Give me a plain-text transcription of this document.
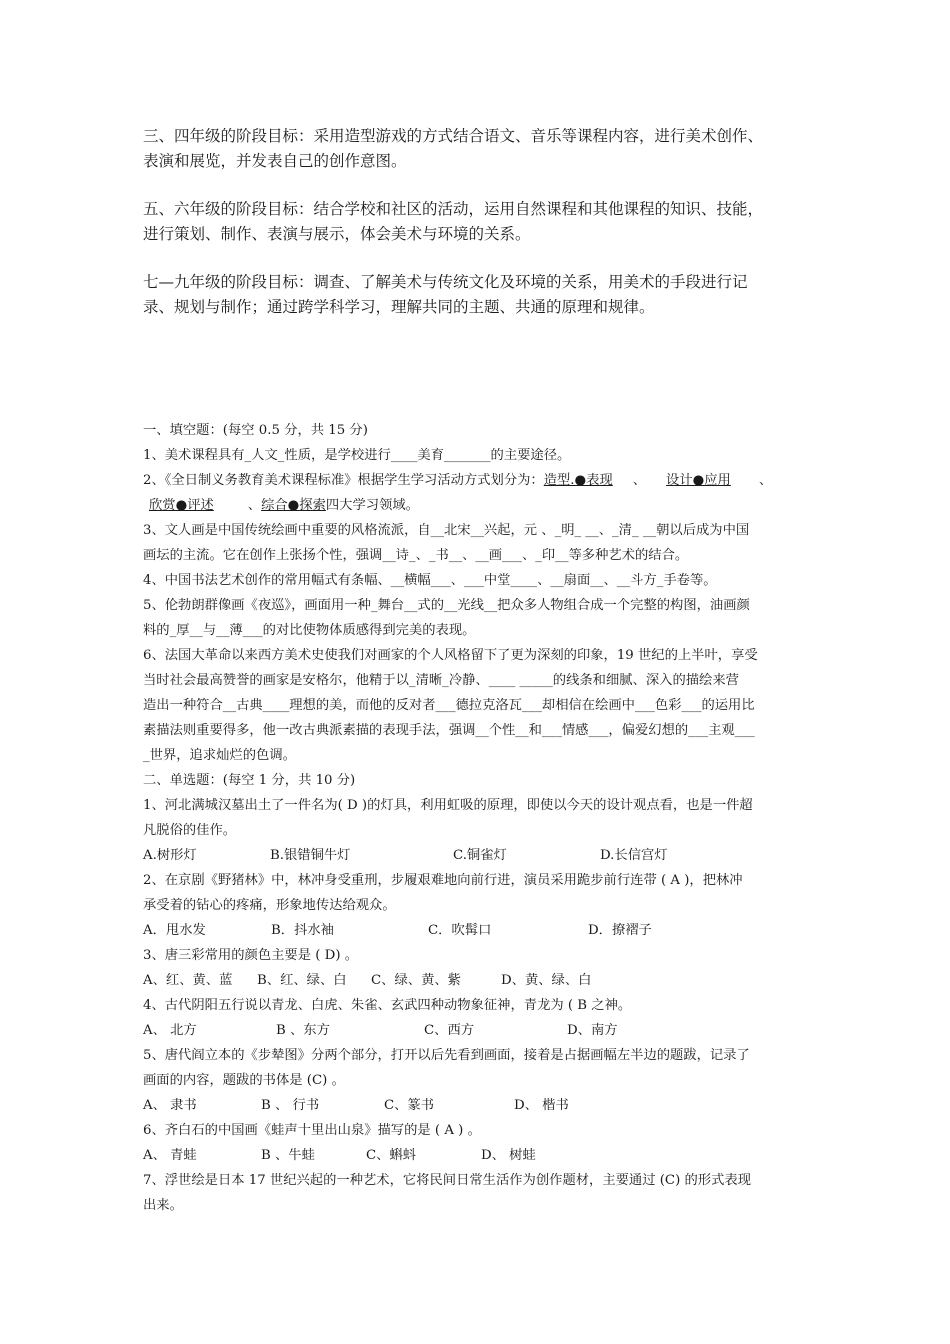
三、四年级的阶段目标：采用造型游戏的方式结合语文、音乐等课程内容，进行美术创作、
表演和展览，并发表自己的创作意图。
五、六年级的阶段目标：结合学校和社区的活动，运用自然课程和其他课程的知识、技能，
进行策划、制作、表演与展示，体会美术与环境的关系。
七—九年级的阶段目标：调查、了解美术与传统文化及环境的关系，用美术的手段进行记
录、规划与制作；通过跨学科学习，理解共同的主题、共通的原理和规律。
一、填空题：(每空 0.5 分，共 15 分)
1、美术课程具有_人文_性质，是学校进行____美育_______的主要途径。
2、《全日制义务教育美术课程标准》根据学生学习活动方式划分为：造型.●表现 、 设计●应用 、
欣赏●评述	、综合●探索四大学习领域。
3、文人画是中国传统绘画中重要的风格流派，自__北宋__兴起，元 、_明_ __、_清_ __朝以后成为中国
画坛的主流。它在创作上张扬个性，强调__诗_、_书__、__画___、_印__等多种艺术的结合。
4、中国书法艺术创作的常用幅式有条幅、__横幅___、___中堂____、__扇面__、__斗方_手卷等。
5、伦勃朗群像画《夜巡》，画面用一种_舞台__式的__光线__把众多人物组合成一个完整的构图，油画颜
料的_厚__与__薄___的对比使物体质感得到完美的表现。
6、法国大革命以来西方美术史使我们对画家的个人风格留下了更为深刻的印象，19 世纪的上半叶，享受
当时社会最高赞誉的画家是安格尔，他精于以_清晰_冷静、____ _____的线条和细腻、深入的描绘来营
造出一种符合__古典____理想的美，而他的反对者___德拉克洛瓦___却相信在绘画中___色彩___的运用比
素描法则重要得多，他一改古典派素描的表现手法，强调__个性__和___情感___，偏爱幻想的___主观___
_世界，追求灿烂的色调。
二、单选题：(每空 1 分，共 10 分)
1、河北满城汉墓出土了一件名为( D )的灯具，利用虹吸的原理，即使以今天的设计观点看，也是一件超
凡脱俗的佳作。
A.树形灯	B.银错铜牛灯	C.铜雀灯	D.长信宫灯
2、在京剧《野猪林》中，林冲身受重刑，步履艰难地向前行进，演员采用跪步前行连带 ( A )，把林冲
承受着的钻心的疼痛，形象地传达给观众。
A．甩水发	B．抖水袖	C．吹髯口	D．撩褶子
3、唐三彩常用的颜色主要是 ( D) 。
A、红、黄、蓝 B、红、绿、白 C、绿、黄、紫	D、黄、绿、白
4、古代阴阳五行说以青龙、白虎、朱雀、玄武四种动物象征神，青龙为 ( B 之神。
A、 北方	B 、东方	C、西方	D、南方
5、唐代阎立本的《步辇图》分两个部分，打开以后先看到画面，接着是占据画幅左半边的题跋，记录了
画面的内容，题跋的书体是 (C) 。
A、 隶书	B 、 行书	C、篆书	D、 楷书
6、齐白石的中国画《蛙声十里出山泉》描写的是 ( A ) 。
A、 青蛙	B 、牛蛙	C、蝌蚪	D、 树蛙
7、浮世绘是日本 17 世纪兴起的一种艺术，它将民间日常生活作为创作题材，主要通过 (C) 的形式表现
出来。
